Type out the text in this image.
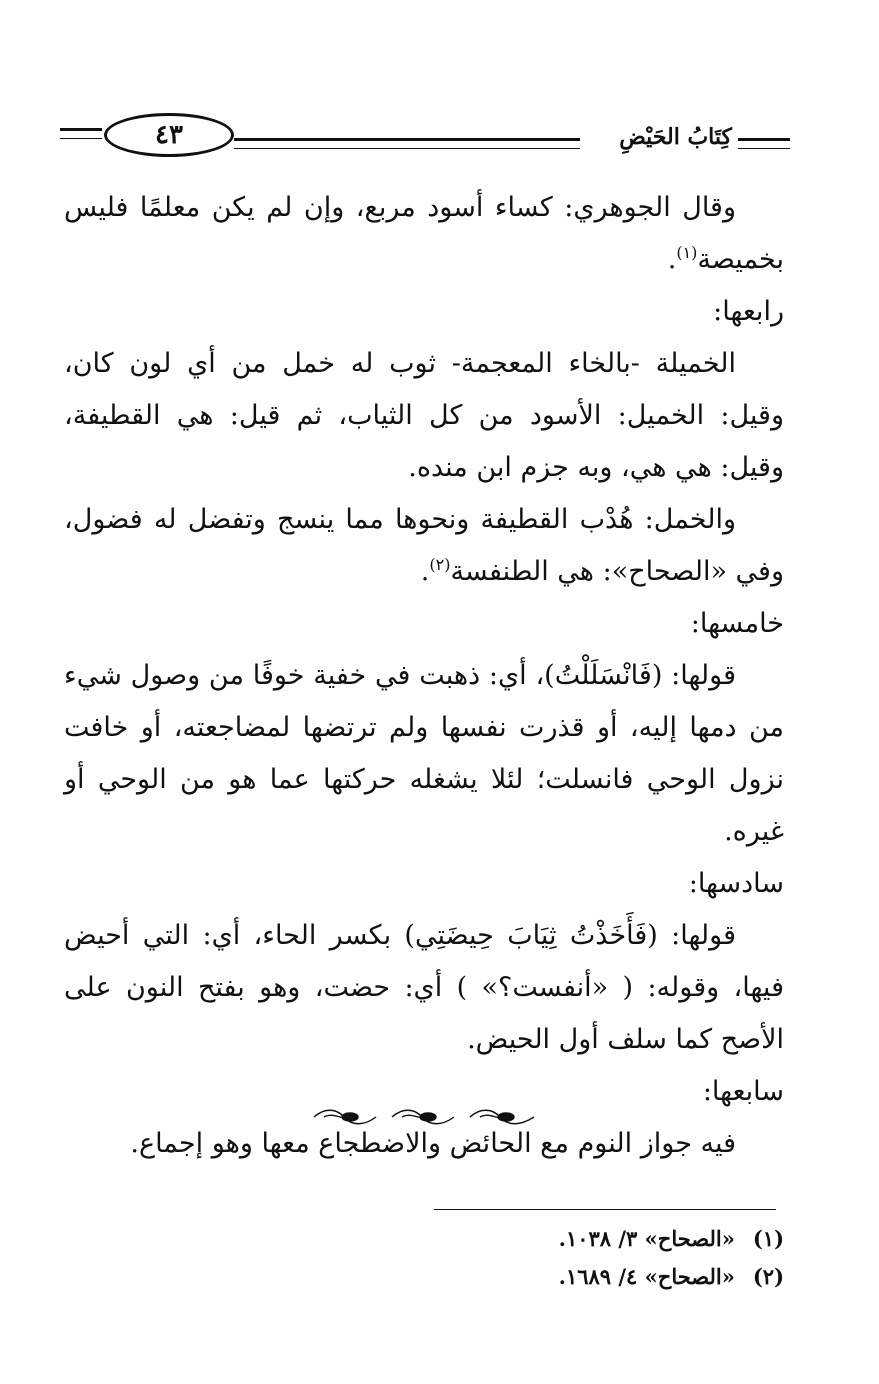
٤٣	كِتَابُ الحَيْضِ

وقال الجوهري: كساء أسود مربع، وإن لم يكن معلمًا فليس بخميصة$^{(١)}$.

رابعها:

الخميلة -بالخاء المعجمة- ثوب له خمل من أي لون كان، وقيل: الخميل: الأسود من كل الثياب، ثم قيل: هي القطيفة، وقيل: هي هي، وبه جزم ابن منده.

والخمل: هُدْب القطيفة ونحوها مما ينسج وتفضل له فضول، وفي «الصحاح»: هي الطنفسة$^{(٢)}$.

خامسها:

قولها: (فَانْسَلَلْتُ)، أي: ذهبت في خفية خوفًا من وصول شيء من دمها إليه، أو قذرت نفسها ولم ترتضها لمضاجعته، أو خافت نزول الوحي فانسلت؛ لئلا يشغله حركتها عما هو من الوحي أو غيره.

سادسها:

قولها: (فَأَخَذْتُ ثِيَابَ حِيضَتِي) بكسر الحاء، أي: التي أحيض فيها، وقوله: ( «أنفست؟» ) أي: حضت، وهو بفتح النون على الأصح كما سلف أول الحيض.

سابعها:

فيه جواز النوم مع الحائض والاضطجاع معها وهو إجماع.

(١)«الصحاح» ٣/ ١٠٣٨.
(٢)«الصحاح» ٤/ ١٦٨٩.
